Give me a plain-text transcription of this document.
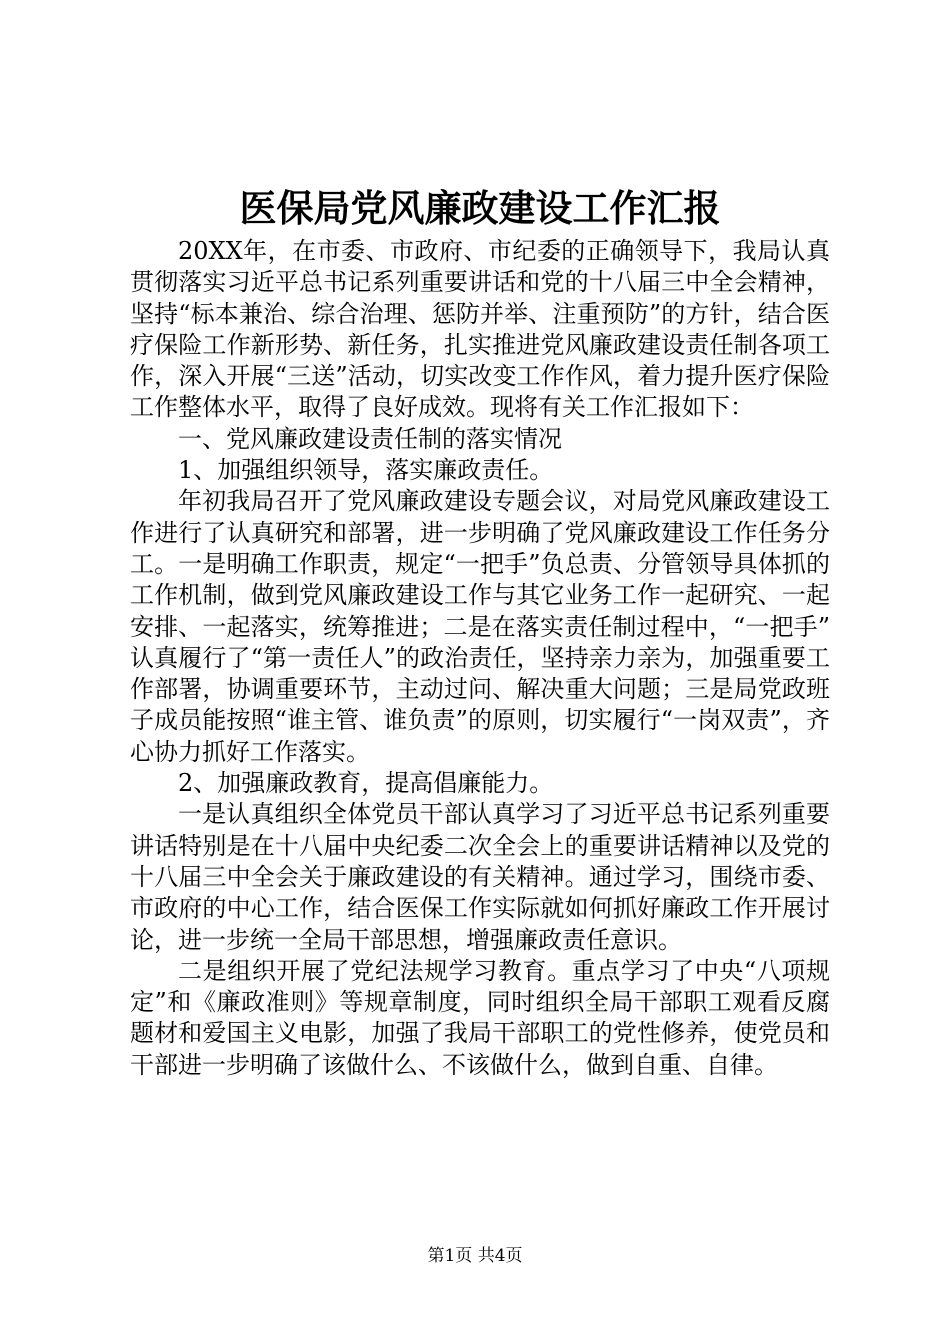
医保局党风廉政建设工作汇报

20XX年，在市委、市政府、市纪委的正确领导下，我局认真贯彻落实习近平总书记系列重要讲话和党的十八届三中全会精神，坚持“标本兼治、综合治理、惩防并举、注重预防”的方针，结合医疗保险工作新形势、新任务，扎实推进党风廉政建设责任制各项工作，深入开展“三送”活动，切实改变工作作风，着力提升医疗保险工作整体水平，取得了良好成效。现将有关工作汇报如下：

一、党风廉政建设责任制的落实情况

1、加强组织领导，落实廉政责任。

年初我局召开了党风廉政建设专题会议，对局党风廉政建设工作进行了认真研究和部署，进一步明确了党风廉政建设工作任务分工。一是明确工作职责，规定“一把手”负总责、分管领导具体抓的工作机制，做到党风廉政建设工作与其它业务工作一起研究、一起安排、一起落实，统筹推进；二是在落实责任制过程中，“一把手”认真履行了“第一责任人”的政治责任，坚持亲力亲为，加强重要工作部署，协调重要环节，主动过问、解决重大问题；三是局党政班子成员能按照“谁主管、谁负责”的原则，切实履行“一岗双责”，齐心协力抓好工作落实。

2、加强廉政教育，提高倡廉能力。

一是认真组织全体党员干部认真学习了习近平总书记系列重要讲话特别是在十八届中央纪委二次全会上的重要讲话精神以及党的十八届三中全会关于廉政建设的有关精神。通过学习，围绕市委、市政府的中心工作，结合医保工作实际就如何抓好廉政工作开展讨论，进一步统一全局干部思想，增强廉政责任意识。

二是组织开展了党纪法规学习教育。重点学习了中央“八项规定”和《廉政准则》等规章制度，同时组织全局干部职工观看反腐题材和爱国主义电影，加强了我局干部职工的党性修养，使党员和干部进一步明确了该做什么、不该做什么，做到自重、自律。

第1页 共4页
